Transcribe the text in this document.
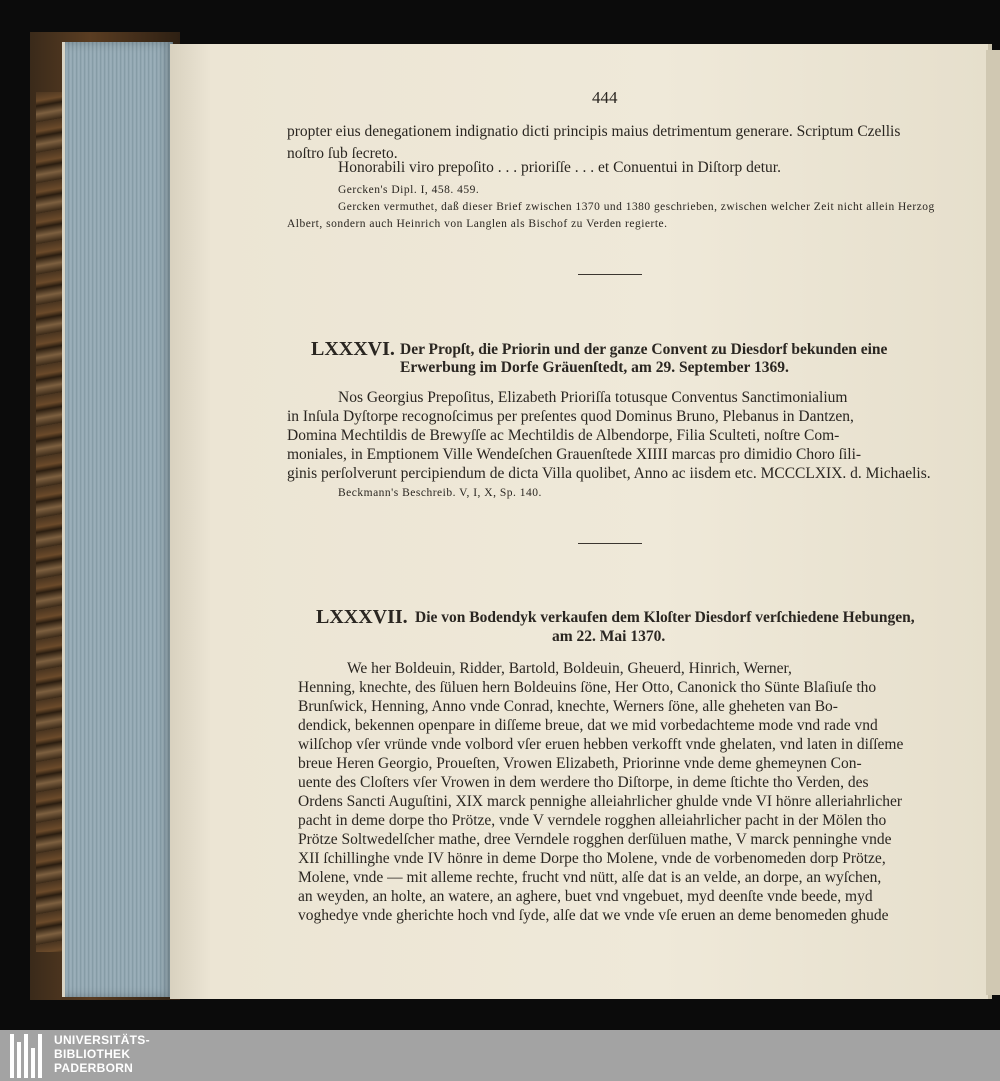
444
propter eius denegationem indignatio dicti principis maius detrimentum generare. Scriptum Czellis
noſtro ſub ſecreto.
Honorabili viro prepoſito . . . prioriſſe . . . et Conuentui in Diſtorp detur.
Gercken's Dipl. I, 458. 459.
Gercken vermuthet, daß dieser Brief zwischen 1370 und 1380 geschrieben, zwischen welcher Zeit nicht allein Herzog
Albert, sondern auch Heinrich von Langlen als Bischof zu Verden regierte.
LXXXVI. Der Propſt, die Priorin und der ganze Convent zu Diesdorf bekunden eine
Erwerbung im Dorfe Gräuenſtedt, am 29. September 1369.
Nos Georgius Prepoſitus, Elizabeth Prioriſſa totusque Conventus Sanctimonialium
in Inſula Dyſtorpe recognoſcimus per preſentes quod Dominus Bruno, Plebanus in Dantzen,
Domina Mechtildis de Brewyſſe ac Mechtildis de Albendorpe, Filia Sculteti, noſtre Com-
moniales, in Emptionem Ville Wendeſchen Grauenſtede XIIII marcas pro dimidio Choro ſili-
ginis perſolverunt percipiendum de dicta Villa quolibet, Anno ac iisdem etc. MCCCLXIX. d. Michaelis.
Beckmann's Beschreib. V, I, X, Sp. 140.
LXXXVII. Die von Bodendyk verkaufen dem Kloſter Diesdorf verſchiedene Hebungen,
am 22. Mai 1370.
We her Boldeuin, Ridder, Bartold, Boldeuin, Gheuerd, Hinrich, Werner,
Henning, knechte, des ſüluen hern Boldeuins ſöne, Her Otto, Canonick tho Sünte Blaſiuſe tho
Brunſwick, Henning, Anno vnde Conrad, knechte, Werners ſöne, alle gheheten van Bo-
dendick, bekennen openpare in diſſeme breue, dat we mid vorbedachteme mode vnd rade vnd
wilſchop vſer vründe vnde volbord vſer eruen hebben verkofft vnde ghelaten, vnd laten in diſſeme
breue Heren Georgio, Proueſten, Vrowen Elizabeth, Priorinne vnde deme ghemeynen Con-
uente des Cloſters vſer Vrowen in dem werdere tho Diſtorpe, in deme ſtichte tho Verden, des
Ordens Sancti Auguſtini, XIX marck pennighe alleiahrlicher ghulde vnde VI hönre alleriahrlicher
pacht in deme dorpe tho Prötze, vnde V verndele rogghen alleiahrlicher pacht in der Mölen tho
Prötze Soltwedelſcher mathe, dree Verndele rogghen derſüluen mathe, V marck penninghe vnde
XII ſchillinghe vnde IV hönre in deme Dorpe tho Molene, vnde de vorbenomeden dorp Prötze,
Molene, vnde — mit alleme rechte, frucht vnd nütt, alſe dat is an velde, an dorpe, an wyſchen,
an weyden, an holte, an watere, an aghere, buet vnd vngebuet, myd deenſte vnde beede, myd
voghedye vnde gherichte hoch vnd ſyde, alſe dat we vnde vſe eruen an deme benomeden ghude
UNIVERSITÄTS-
BIBLIOTHEK
PADERBORN
